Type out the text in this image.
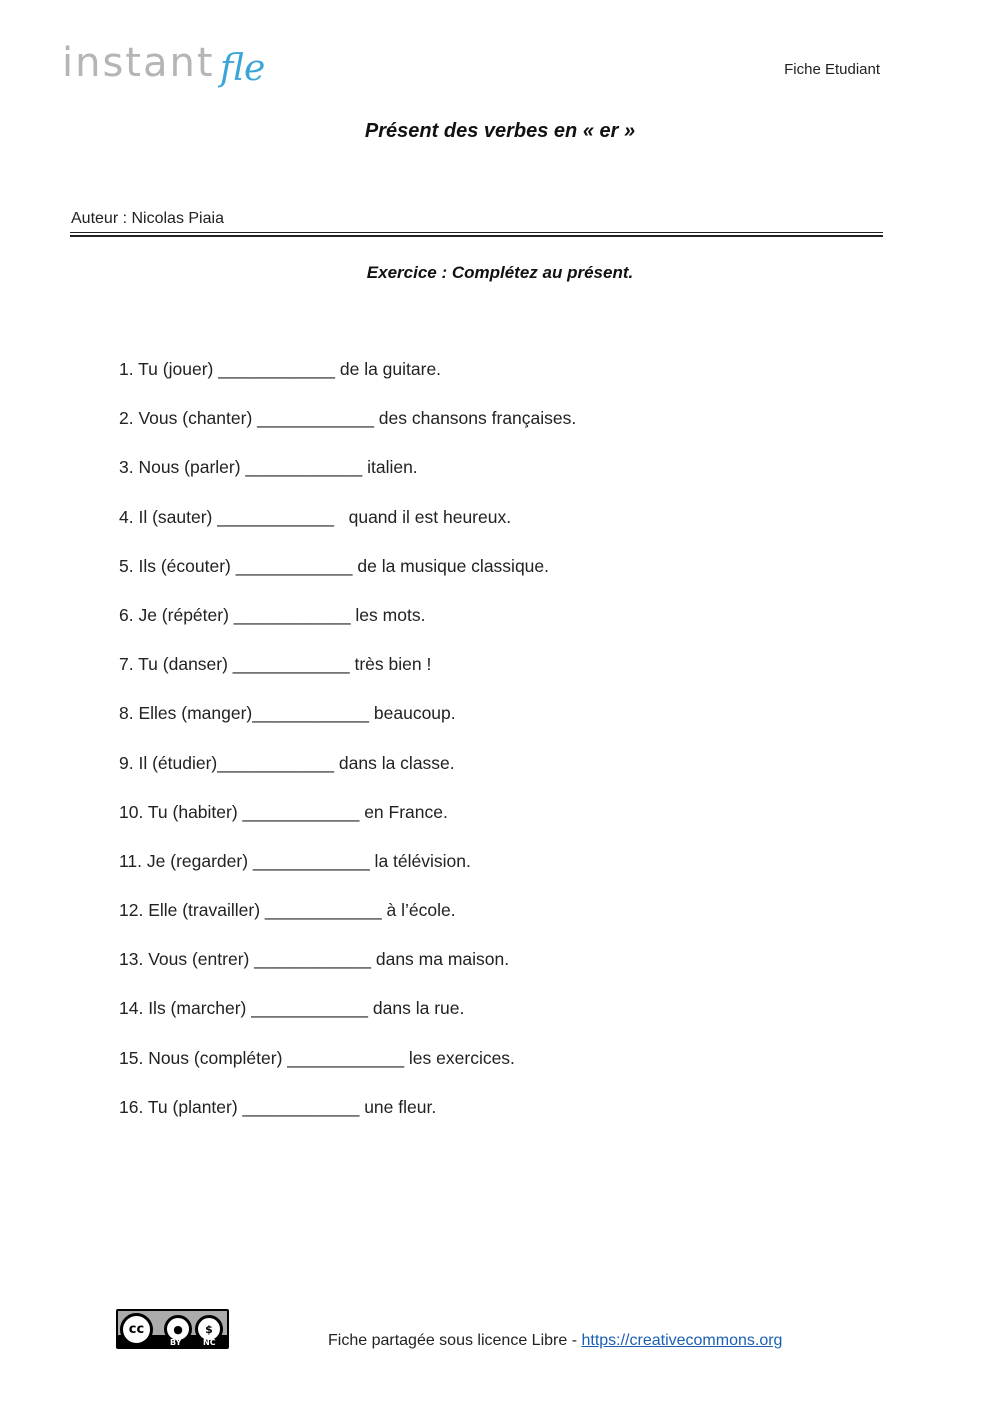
instant fle	Fiche Etudiant
Présent des verbes en « er »
Auteur : Nicolas Piaia
Exercice : Complétez au présent.
1. Tu (jouer) ____________ de la guitare.
2. Vous (chanter) ____________ des chansons françaises.
3. Nous (parler) ____________ italien.
4. Il (sauter) ____________   quand il est heureux.
5. Ils (écouter) ____________ de la musique classique.
6. Je (répéter) ____________ les mots.
7. Tu (danser) ____________ très bien !
8. Elles (manger)____________ beaucoup.
9. Il (étudier)____________ dans la classe.
10. Tu (habiter) ____________ en France.
11. Je (regarder) ____________ la télévision.
12. Elle (travailler) ____________ à l’école.
13. Vous (entrer) ____________ dans ma maison.
14. Ils (marcher) ____________ dans la rue.
15. Nous (compléter) ____________ les exercices.
16. Tu (planter) ____________ une fleur.
cc	●	$
BY	NC	Fiche partagée sous licence Libre - https://creativecommons.org
